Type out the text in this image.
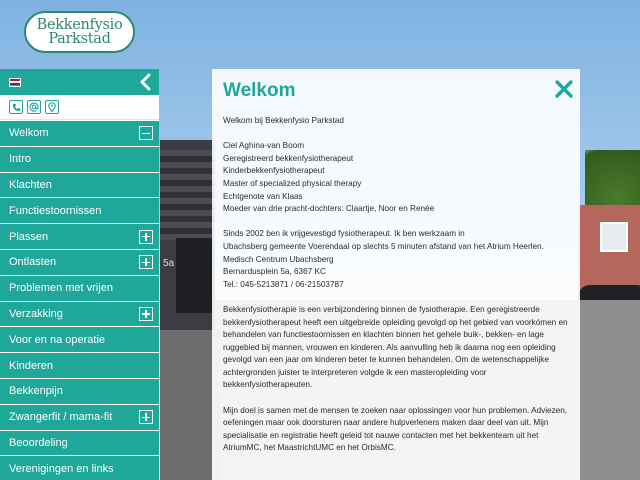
5a
Bekkenfysio
Parkstad
Welkom
Intro
Klachten
Functiestoornissen
Plassen
Ontlasten
Problemen met vrijen
Verzakking
Voor en na operatie
Kinderen
Bekkenpijn
Zwangerfit / mama-fit
Beoordeling
Verenigingen en links
Welkom

Welkom bij Bekkenfysio Parkstad

Ciel Aghina-van Boom
Geregistreerd bekkenfysiotherapeut
Kinderbekkenfysiotherapeut
Master of specialized physical therapy
Echtgenote van Klaas
Moeder van drie pracht-dochters: Claartje, Noor en Renée

Sinds 2002 ben ik vrijgevestigd fysiotherapeut. Ik ben werkzaam in
Ubachsberg gemeente Voerendaal op slechts 5 minuten afstand van het Atrium Heerlen.
Medisch Centrum Ubachsberg
Bernardusplein 5a, 6367 KC
Tel.: 045-5213871 / 06-21503787

Bekkenfysiotherapie is een verbijzondering binnen de fysiotherapie. Een geregistreerde
bekkenfysiotherapeut heeft een uitgebreide opleiding gevolgd op het gebied van voorkómen en
behandelen van functiestoornissen en klachten binnen het gehele buik-, bekken- en lage
ruggebied bij mannen, vrouwen en kinderen. Als aanvulling heb ik daarna nog een opleiding
gevolgd van een jaar om kinderen beter te kunnen behandelen. Om de wetenschappelijke
achtergronden juister te interpreteren volgde ik een masteropleiding voor
bekkenfysiotherapeuten.

Mijn doel is samen met de mensen te zoeken naar oplossingen voor hun problemen. Adviezen,
oefeningen maar ook doorsturen naar andere hulpverleners maken daar deel van uit. Mijn
specialisatie en registratie heeft geleid tot nauwe contacten met het bekkenteam uit het
AtriumMC, het MaastrichtUMC en het OrbisMC.
